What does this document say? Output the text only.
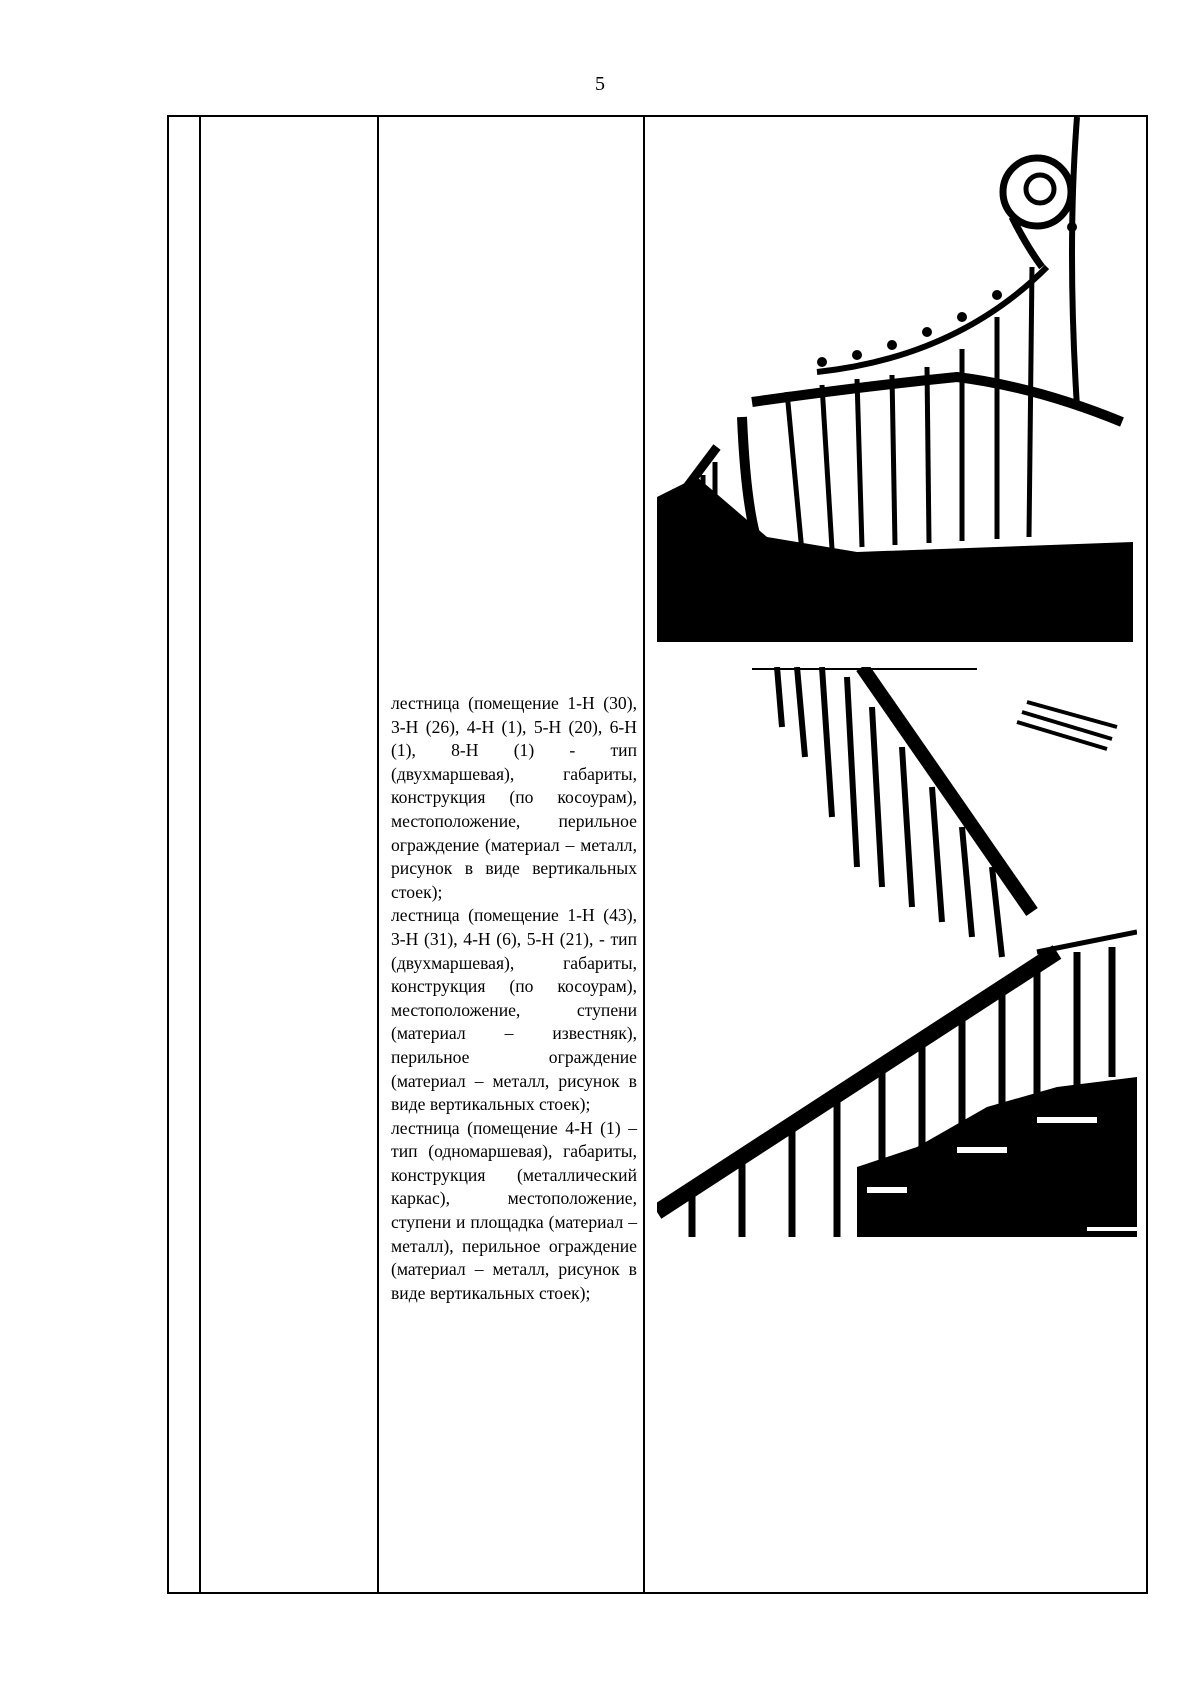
5

лестница (помещение 1-Н (30), 3-Н (26), 4-Н (1), 5-Н (20), 6-Н (1), 8-Н (1) - тип (двухмаршевая), габариты, конструкция (по косоурам), местоположение, перильное ограждение (материал – металл, рисунок в виде вертикальных стоек);

лестница (помещение 1-Н (43), 3-Н (31), 4-Н (6), 5-Н (21), - тип (двухмаршевая), габариты, конструкция (по косоурам), местоположение, ступени (материал – известняк), перильное ограждение (материал – металл, рисунок в виде вертикальных стоек);

лестница (помещение 4-Н (1) – тип (одномаршевая), габариты, конструкция (металлический каркас), местоположение, ступени и площадка (материал – металл), перильное ограждение (материал – металл, рисунок в виде вертикальных стоек);
